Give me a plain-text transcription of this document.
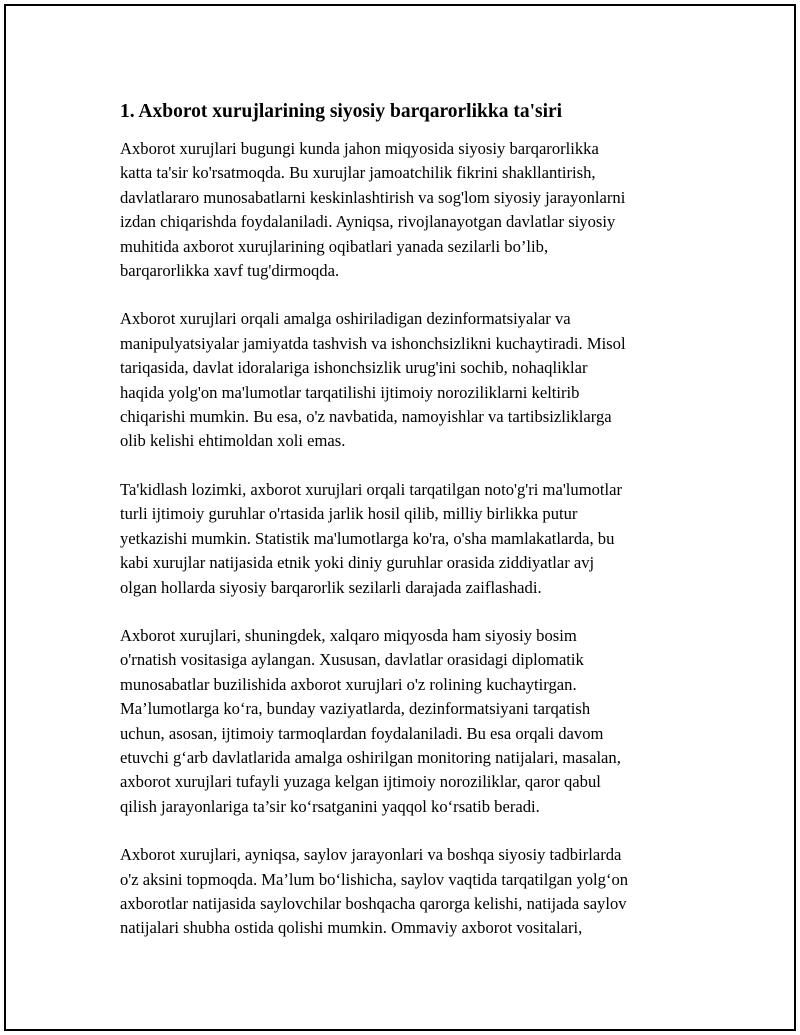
1. Axborot xurujlarining siyosiy barqarorlikka ta'siri

Axborot xurujlari bugungi kunda jahon miqyosida siyosiy barqarorlikka
katta ta'sir ko'rsatmoqda. Bu xurujlar jamoatchilik fikrini shakllantirish,
davlatlararo munosabatlarni keskinlashtirish va sog'lom siyosiy jarayonlarni
izdan chiqarishda foydalaniladi. Ayniqsa, rivojlanayotgan davlatlar siyosiy
muhitida axborot xurujlarining oqibatlari yanada sezilarli bo’lib,
barqarorlikka xavf tug'dirmoqda.

Axborot xurujlari orqali amalga oshiriladigan dezinformatsiyalar va
manipulyatsiyalar jamiyatda tashvish va ishonchsizlikni kuchaytiradi. Misol
tariqasida, davlat idoralariga ishonchsizlik urug'ini sochib, nohaqliklar
haqida yolg'on ma'lumotlar tarqatilishi ijtimoiy noroziliklarni keltirib
chiqarishi mumkin. Bu esa, o'z navbatida, namoyishlar va tartibsizliklarga
olib kelishi ehtimoldan xoli emas.

Ta'kidlash lozimki, axborot xurujlari orqali tarqatilgan noto'g'ri ma'lumotlar
turli ijtimoiy guruhlar o'rtasida jarlik hosil qilib, milliy birlikka putur
yetkazishi mumkin. Statistik ma'lumotlarga ko'ra, o'sha mamlakatlarda, bu
kabi xurujlar natijasida etnik yoki diniy guruhlar orasida ziddiyatlar avj
olgan hollarda siyosiy barqarorlik sezilarli darajada zaiflashadi.

Axborot xurujlari, shuningdek, xalqaro miqyosda ham siyosiy bosim
o'rnatish vositasiga aylangan. Xususan, davlatlar orasidagi diplomatik
munosabatlar buzilishida axborot xurujlari o'z rolining kuchaytirgan.
Ma’lumotlarga ko‘ra, bunday vaziyatlarda, dezinformatsiyani tarqatish
uchun, asosan, ijtimoiy tarmoqlardan foydalaniladi. Bu esa orqali davom
etuvchi g‘arb davlatlarida amalga oshirilgan monitoring natijalari, masalan,
axborot xurujlari tufayli yuzaga kelgan ijtimoiy noroziliklar, qaror qabul
qilish jarayonlariga ta’sir ko‘rsatganini yaqqol ko‘rsatib beradi.

Axborot xurujlari, ayniqsa, saylov jarayonlari va boshqa siyosiy tadbirlarda
o'z aksini topmoqda. Ma’lum bo‘lishicha, saylov vaqtida tarqatilgan yolg‘on
axborotlar natijasida saylovchilar boshqacha qarorga kelishi, natijada saylov
natijalari shubha ostida qolishi mumkin. Ommaviy axborot vositalari,
